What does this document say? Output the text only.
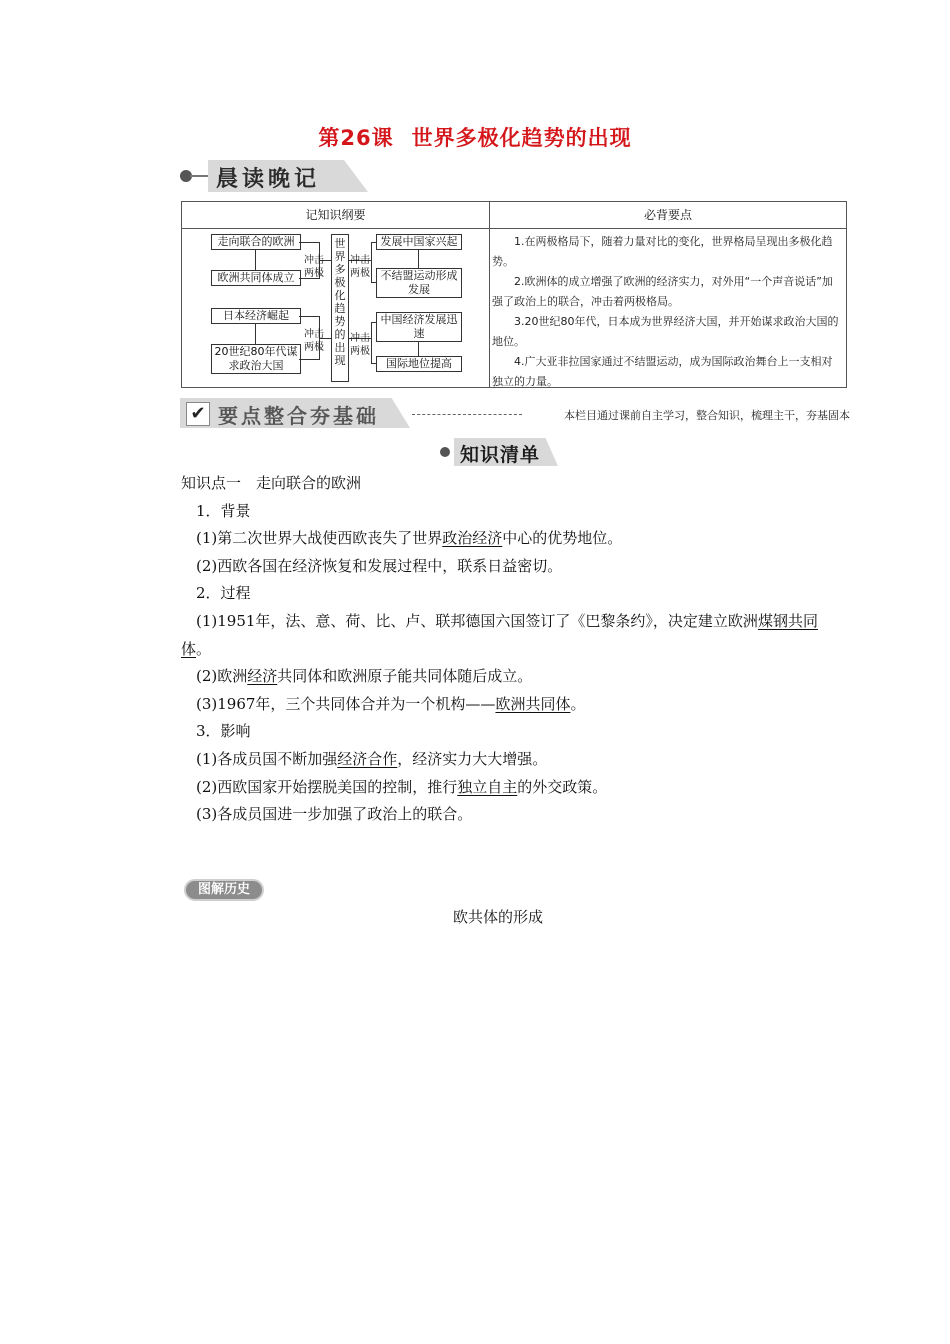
第26课 世界多极化趋势的出现
晨读晚记
记知识纲要	必背要点
走向联合的欧洲
欧洲共同体成立
日本经济崛起
20世纪80年代谋求政治大国
冲击两极
冲击两极
世界多极化趋势的出现
冲击两极
发展中国家兴起
不结盟运动形成发展
冲击两极
中国经济发展迅速
国际地位提高

1.在两极格局下，随着力量对比的变化，世界格局呈现出多极化趋势。

2.欧洲体的成立增强了欧洲的经济实力，对外用“一个声音说话”加强了政治上的联合，冲击着两极格局。

3.20世纪80年代，日本成为世界经济大国，并开始谋求政治大国的地位。

4.广大亚非拉国家通过不结盟运动，成为国际政治舞台上一支相对独立的力量。

✔ 要点整合夯基础	本栏目通过课前自主学习，整合知识，梳理主干，夯基固本
知识清单

知识点一　走向联合的欧洲

1．背景

(1)第二次世界大战使西欧丧失了世界政治经济中心的优势地位。

(2)西欧各国在经济恢复和发展过程中，联系日益密切。

2．过程

(1)1951年，法、意、荷、比、卢、联邦德国六国签订了《巴黎条约》，决定建立欧洲煤钢共同体。

(2)欧洲经济共同体和欧洲原子能共同体随后成立。

(3)1967年，三个共同体合并为一个机构——欧洲共同体。

3．影响

(1)各成员国不断加强经济合作，经济实力大大增强。

(2)西欧国家开始摆脱美国的控制，推行独立自主的外交政策。

(3)各成员国进一步加强了政治上的联合。

图解历史
欧共体的形成
